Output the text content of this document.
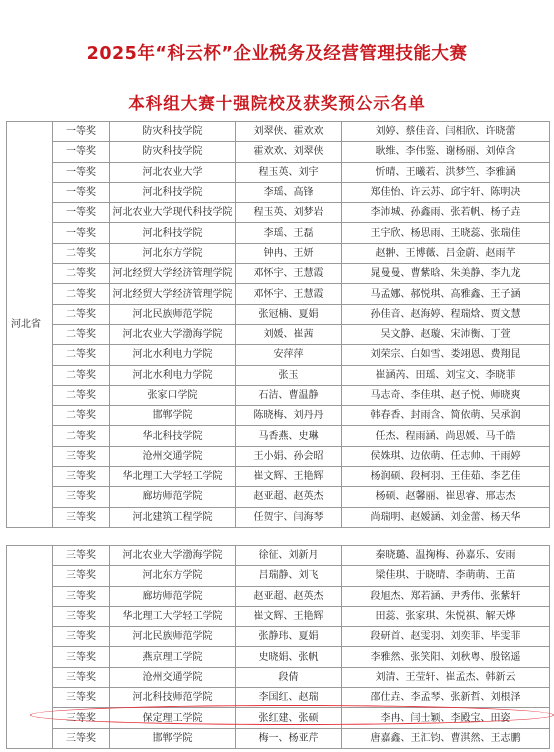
2025年“科云杯”企业税务及经营管理技能大赛
本科组大赛十强院校及获奖预公示名单
河北省	一等奖	防灾科技学院	刘翠侠、霍欢欢	刘婷、蔡佳音、闫相欣、许晓蕾
	一等奖	防灾科技学院	霍欢欢、刘翠侠	耿维、李伟鉴、谢杨丽、刘倬含
	一等奖	河北农业大学	程玉英、刘宇	忻晴、王曦若、洪梦竺、李雅涵
	一等奖	河北科技学院	李瑶、高锋	郑佳怡、许云苏、邱宇轩、陈明决
	一等奖	河北农业大学现代科技学院	程玉英、刘梦岩	李沛城、孙鑫雨、张若帆、杨子垚
	一等奖	河北科技学院	李瑶、王磊	王宇欣、杨思雨、王晓蕊、张瑞佳
	二等奖	河北东方学院	钟冉、王妍	赵翀、王博薇、吕金蔚、赵雨芊
	二等奖	河北经贸大学经济管理学院	邓怀宇、王慧霞	晁曼曼、曹紫晗、朱美静、李九龙
	二等奖	河北经贸大学经济管理学院	邓怀宇、王慧霞	马孟娜、郝悦琪、高雅鑫、王子涵
	二等奖	河北民族师范学院	张冠楠、夏娟	孙佳音、赵海婷、程瑞焓、贾文慧
	二等奖	河北农业大学渤海学院	刘媛、崔茜	吴文静、赵璇、宋沛衡、丁萱
	二等奖	河北水利电力学院	安萍萍	刘荣宗、白如雪、娄翊恩、费翔昆
	二等奖	河北水利电力学院	张玉	崔涵芮、田瑶、刘宝文、李晓菲
	二等奖	张家口学院	石洁、曹温静	马志奇、李佳琪、赵子悦、师晓爽
	二等奖	邯郸学院	陈晓梅、刘丹丹	韩春香、封雨含、简依萌、吴承润
	二等奖	华北科技学院	马香燕、史琳	任杰、程雨涵、尚思媛、马千皓
	三等奖	沧州交通学院	王小娟、孙会昭	侯姝琪、边依萌、任志帅、干雨婷
	三等奖	华北理工大学轻工学院	崔文辉、王艳辉	杨润硕、段柯羽、王佳茹、李艺佳
	三等奖	廊坊师范学院	赵亚超、赵英杰	杨硕、赵馨丽、崔思睿、邢志杰
	三等奖	河北建筑工程学院	任贺宇、闫海琴	尚瑞明、赵嫒涵、刘金蕾、杨天华
	三等奖	河北农业大学渤海学院	徐征、刘新月	秦晓璐、温掬梅、孙嘉乐、安雨
	三等奖	河北东方学院	吕瑞静、刘飞	梁佳琪、于晓晴、李萌萌、王苗
	三等奖	廊坊师范学院	赵亚超、赵英杰	段旭杰、郑若涵、尹秀伟、张紫轩
	三等奖	华北理工大学轻工学院	崔文辉、王艳辉	田蕊、张家琪、朱悦祺、解天烨
	三等奖	河北民族师范学院	张静玮、夏娟	段研首、赵雯羽、刘奕菲、毕雯菲
	三等奖	燕京理工学院	史晓娟、张帆	李雅然、张笑阳、刘秋粤、殷铭遥
	三等奖	沧州交通学院	段倩	刘清、王莹轩、崔孟杰、韩新云
	三等奖	河北科技师范学院	李国红、赵瑞	邵仕垚、李孟琴、张新哲、刘根泽
	三等奖	保定理工学院	张红建、张硕	李冉、闫士颖、李殿宝、田姿
	三等奖	邯郸学院	梅一、杨亚芹	唐嘉鑫、王汇钧、曹淇然、王志鹏
